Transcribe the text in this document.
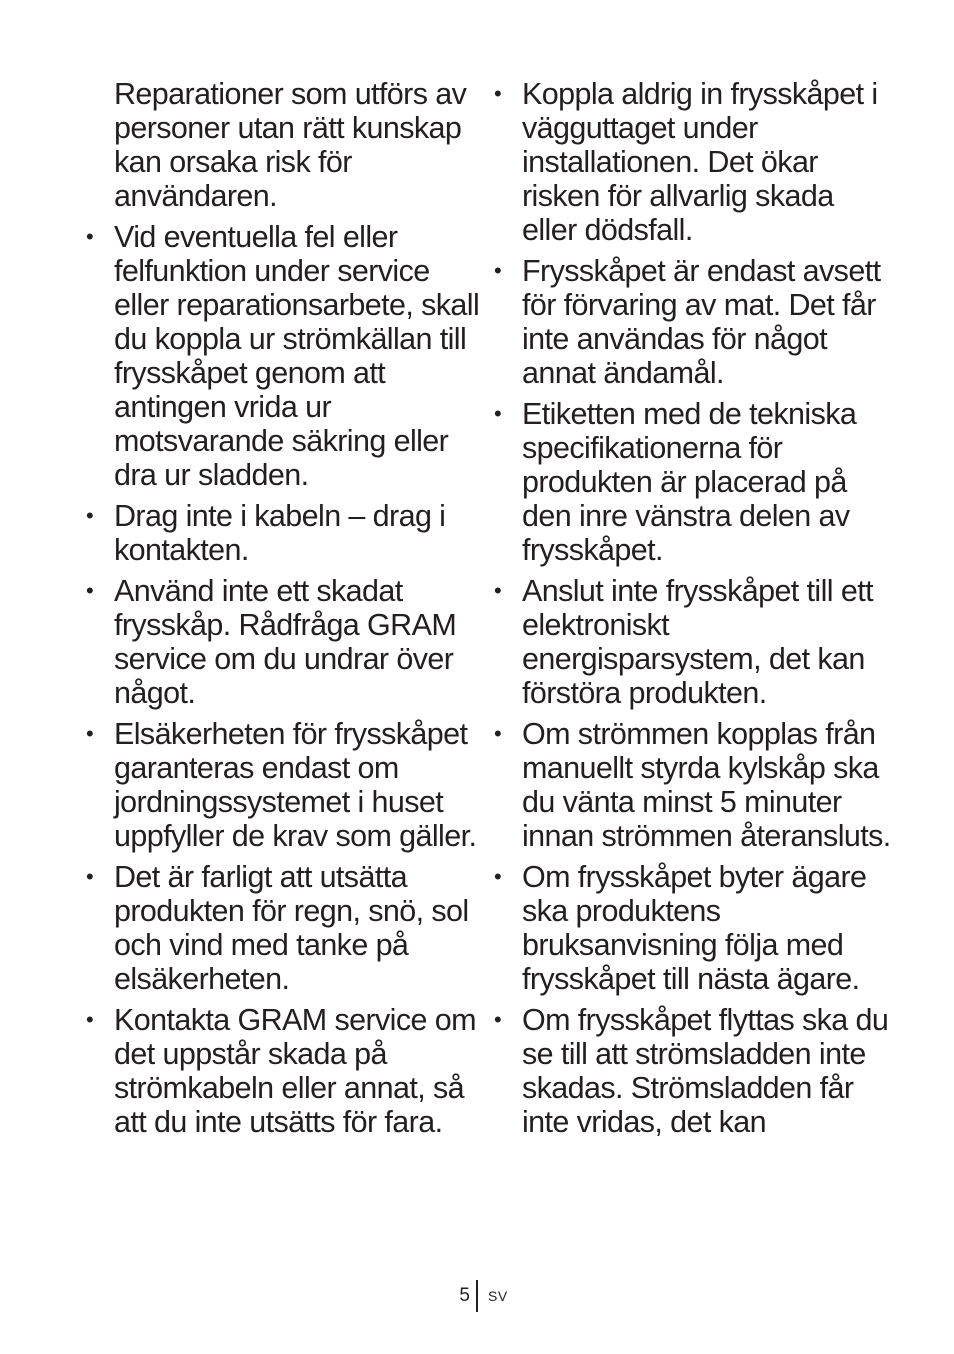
Reparationer som utförs av personer utan rätt kunskap kan orsaka risk för användaren.
• Vid eventuella fel eller felfunktion under service eller reparationsarbete, skall du koppla ur strömkällan till frysskåpet genom att antingen vrida ur motsvarande säkring eller dra ur sladden.
• Drag inte i kabeln – drag i kontakten.
• Använd inte ett skadat frysskåp. Rådfråga GRAM service om du undrar över något.
• Elsäkerheten för frysskåpet garanteras endast om jordningssystemet i huset uppfyller de krav som gäller.
• Det är farligt att utsätta produkten för regn, snö, sol och vind med tanke på elsäkerheten.
• Kontakta GRAM service om det uppstår skada på strömkabeln eller annat, så att du inte utsätts för fara.
• Koppla aldrig in frysskåpet i vägguttaget under installationen. Det ökar risken för allvarlig skada eller dödsfall.
• Frysskåpet är endast avsett för förvaring av mat. Det får inte användas för något annat ändamål.
• Etiketten med de tekniska specifikationerna för produkten är placerad på den inre vänstra delen av frysskåpet.
• Anslut inte frysskåpet till ett elektroniskt energisparsystem, det kan förstöra produkten.
• Om strömmen kopplas från manuellt styrda kylskåp ska du vänta minst 5 minuter innan strömmen återansluts.
• Om frysskåpet byter ägare ska produktens bruksanvisning följa med frysskåpet till nästa ägare.
• Om frysskåpet flyttas ska du se till att strömsladden inte skadas. Strömsladden får inte vridas, det kan
5 SV
